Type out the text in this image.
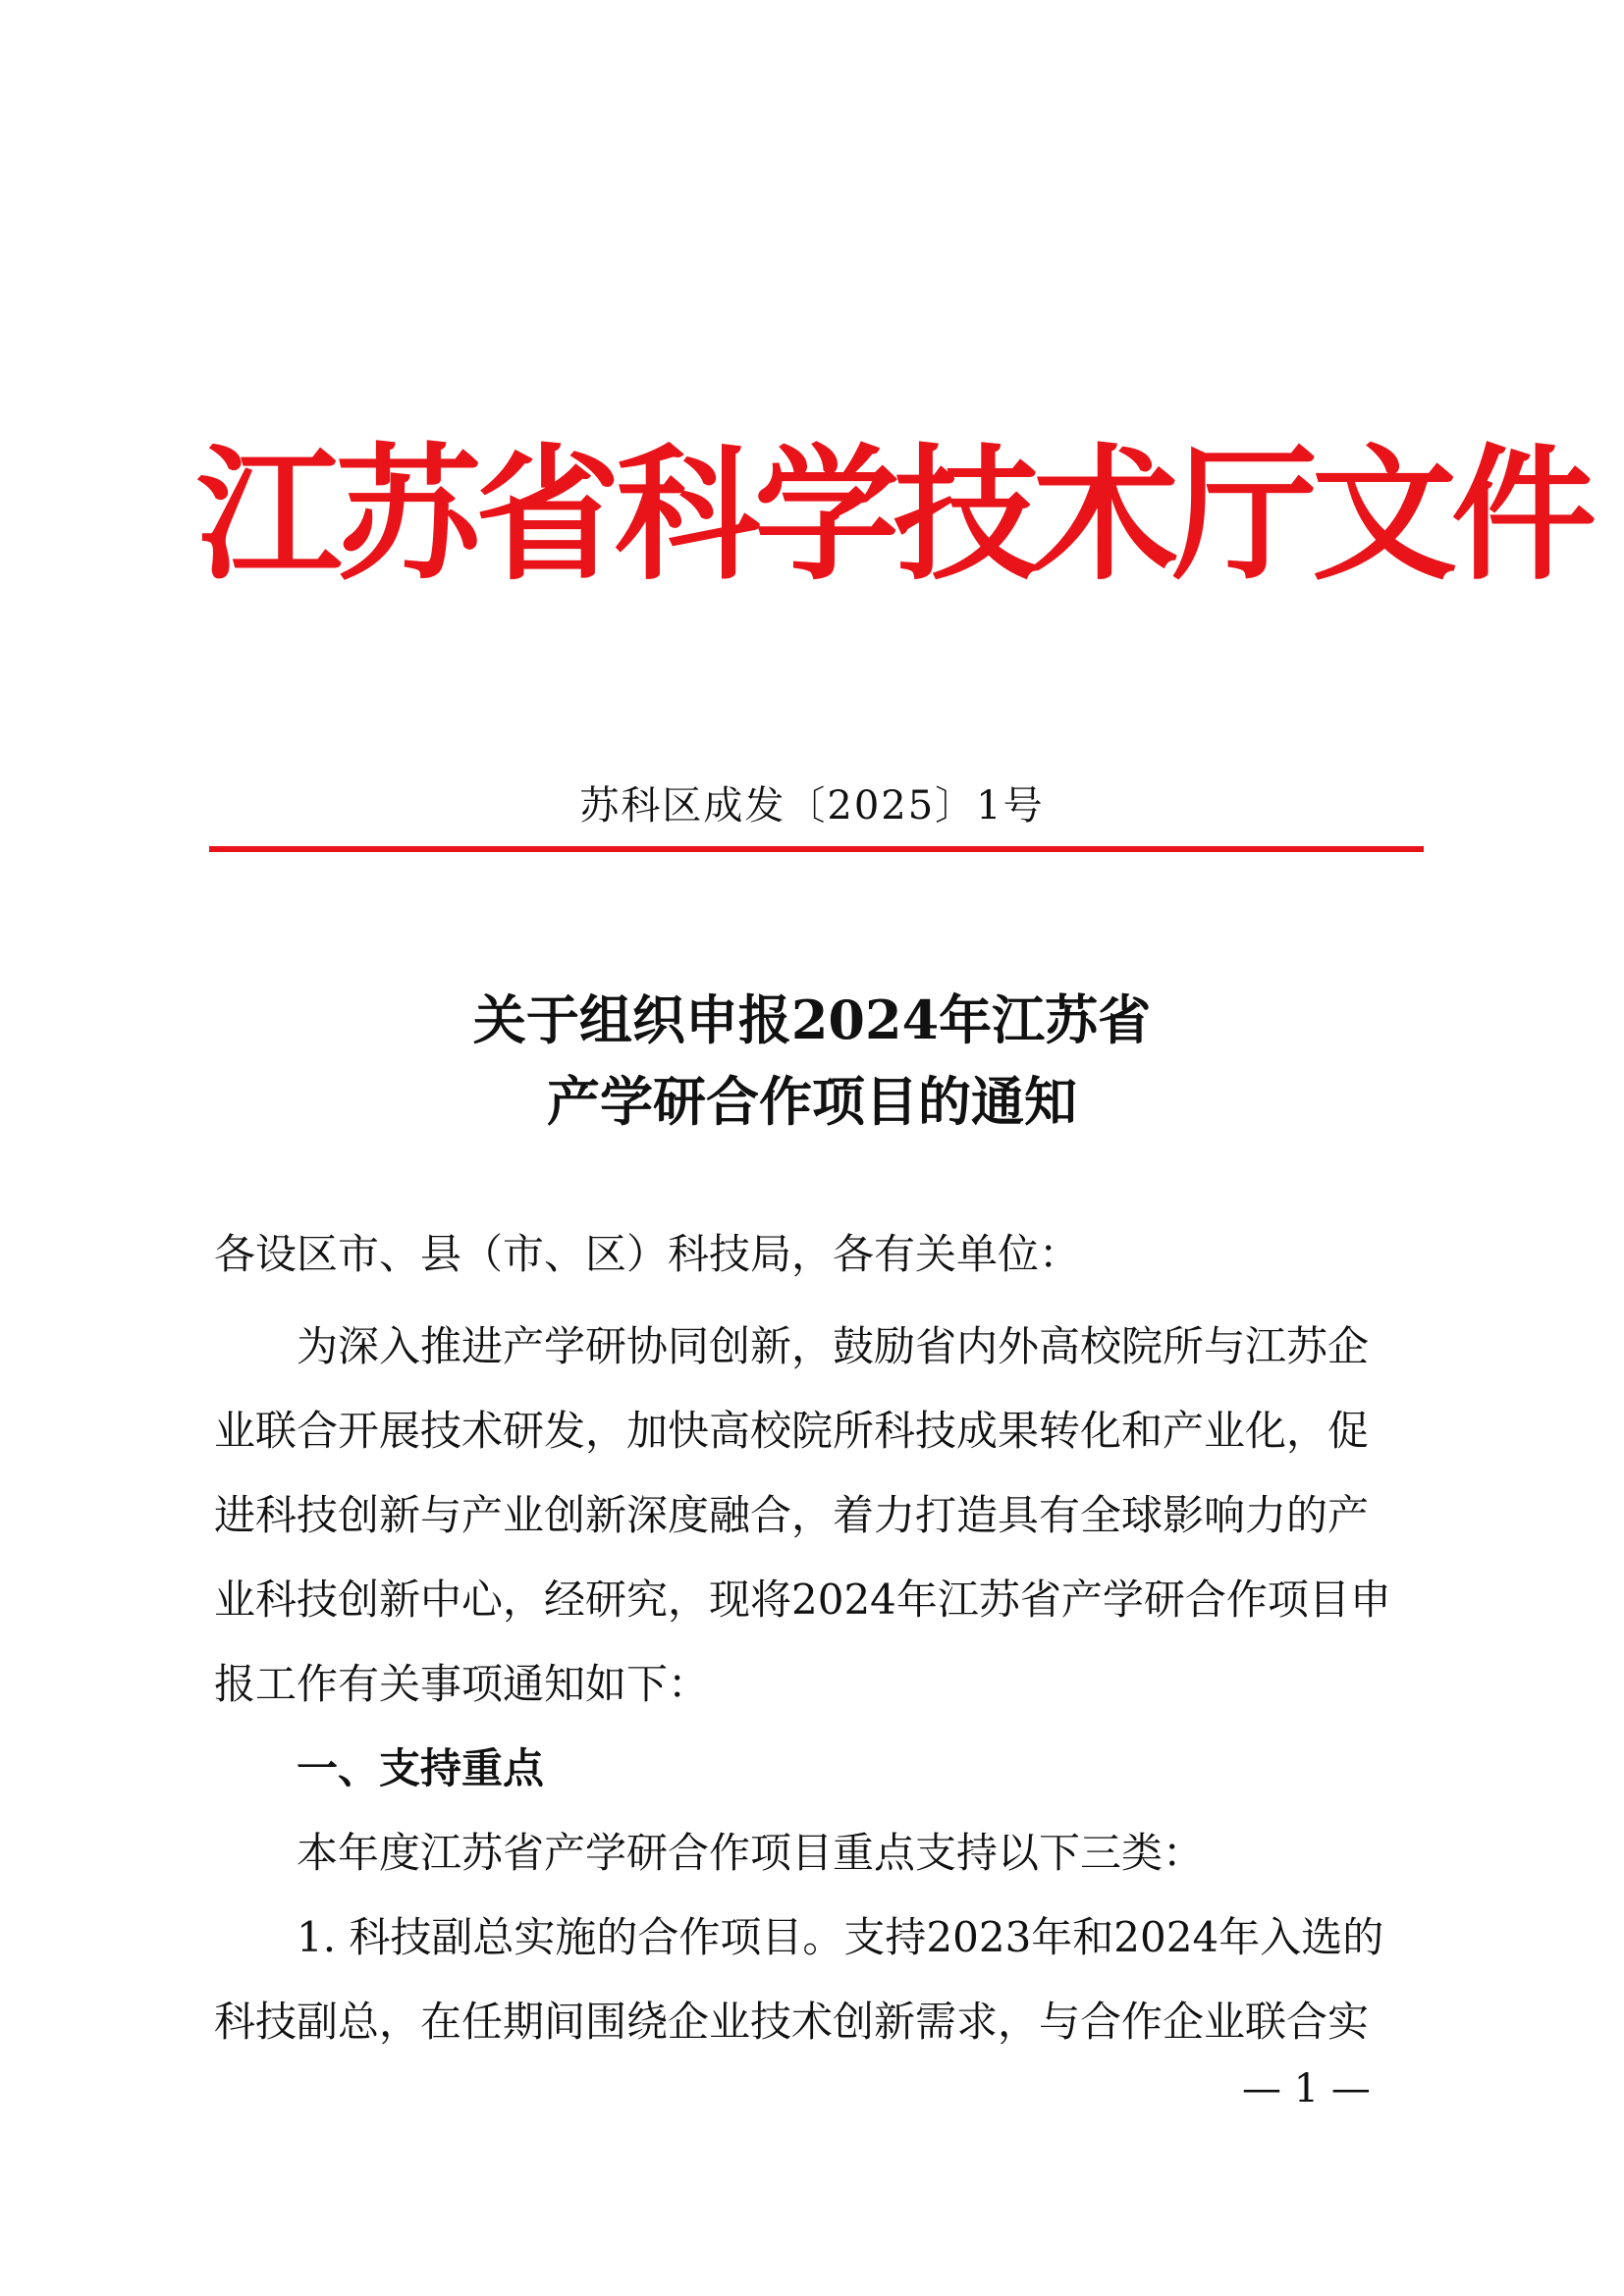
江苏省科学技术厅文件
苏科区成发〔2025〕1号
关于组织申报2024年江苏省
产学研合作项目的通知
各设区市、县（市、区）科技局，各有关单位：
为深入推进产学研协同创新，鼓励省内外高校院所与江苏企
业联合开展技术研发，加快高校院所科技成果转化和产业化，促
进科技创新与产业创新深度融合，着力打造具有全球影响力的产
业科技创新中心，经研究，现将2024年江苏省产学研合作项目申
报工作有关事项通知如下：
一、支持重点
本年度江苏省产学研合作项目重点支持以下三类：
1. 科技副总实施的合作项目。支持2023年和2024年入选的
科技副总，在任期间围绕企业技术创新需求，与合作企业联合实
— 1 —
